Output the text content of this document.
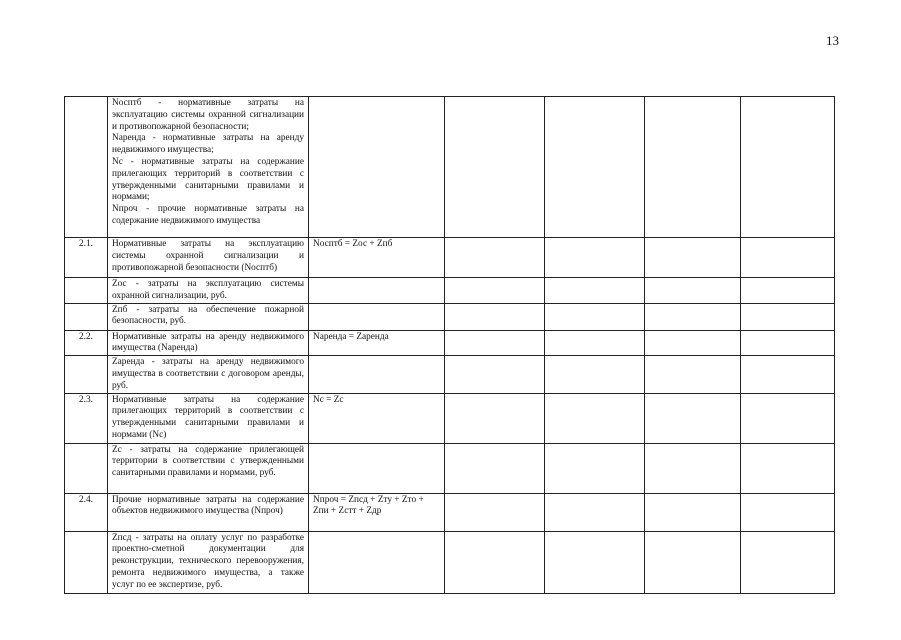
13

	Nосптб - нормативные затраты на эксплуатацию системы охранной сигнализации и противопожарной безопасности;
Nаренда - нормативные затраты на аренду недвижимого имущества;
Nс - нормативные затраты на содержание прилегающих территорий в соответствии с утвержденными санитарными правилами и нормами;
Nпроч - прочие нормативные затраты на содержание недвижимого имущества					

2.1.	Нормативные затраты на эксплуатацию системы охранной сигнализации и противопожарной безопасности (Nосптб)	Nосптб = Zос + Zпб				
	Zос - затраты на эксплуатацию системы охранной сигнализации, руб.					
	Zпб - затраты на обеспечение пожарной безопасности, руб.					
2.2.	Нормативные затраты на аренду недвижимого имущества (Nаренда)	Nаренда = Zаренда				
	Zаренда - затраты на аренду недвижимого имущества в соответствии с договором аренды, руб.					
2.3.	Нормативные затраты на содержание прилегающих территорий в соответствии с утвержденными санитарными правилами и нормами (Nс)	Nс = Zс				
	Zс - затраты на содержание прилегающей территории в соответствии с утвержденными санитарными правилами и нормами, руб.					
2.4.	Прочие нормативные затраты на содержание объектов недвижимого имущества (Nпроч)	Nпроч = Zпсд + Zту + Zто + Zпи + Zстт + Zдр				
	Zпсд - затраты на оплату услуг по разработке проектно-сметной документации для реконструкции, технического перевооружения, ремонта недвижимого имущества, а также услуг по ее экспертизе, руб.					
